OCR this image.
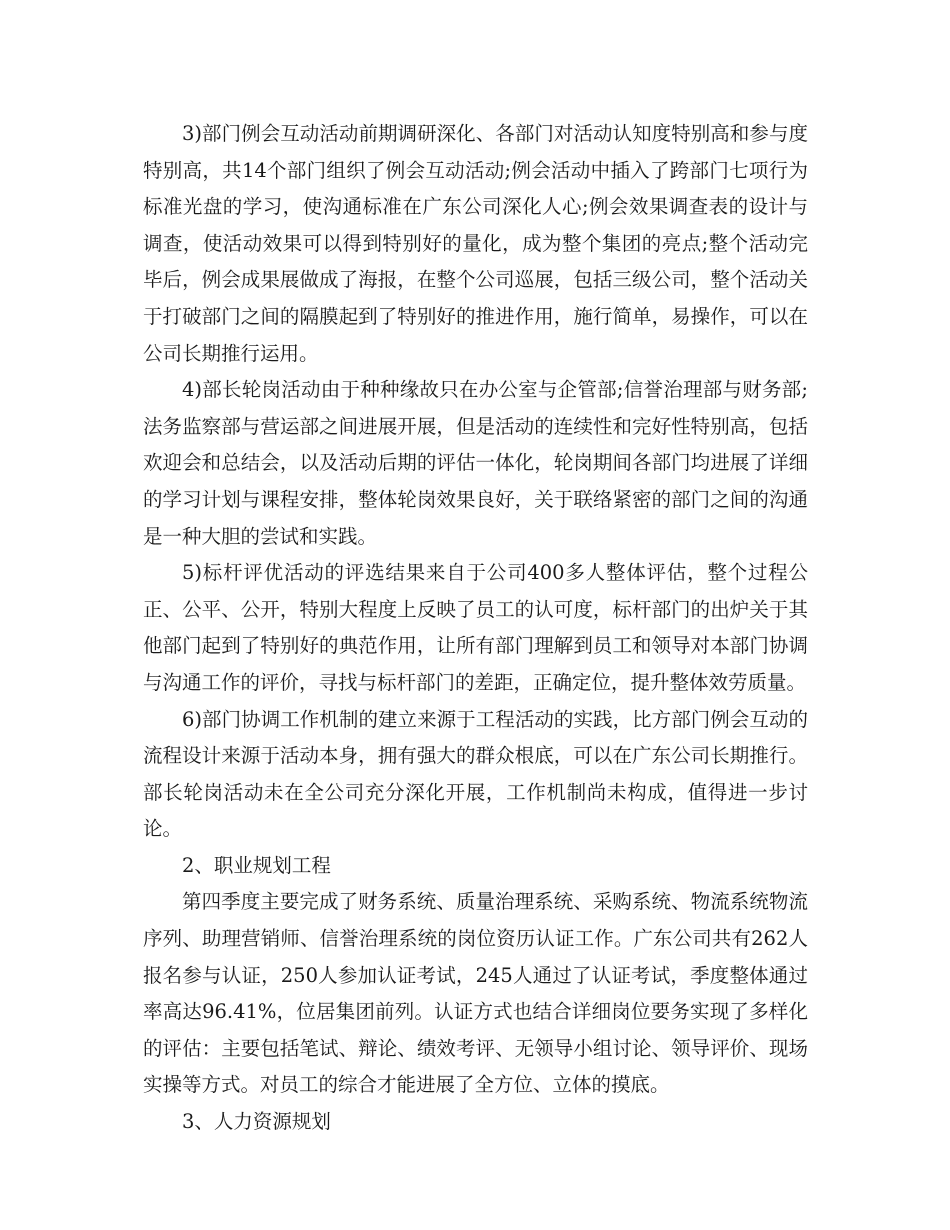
3)部门例会互动活动前期调研深化、各部门对活动认知度特别高和参与度特别高，共14个部门组织了例会互动活动;例会活动中插入了跨部门七项行为标准光盘的学习，使沟通标准在广东公司深化人心;例会效果调查表的设计与调查，使活动效果可以得到特别好的量化，成为整个集团的亮点;整个活动完毕后，例会成果展做成了海报，在整个公司巡展，包括三级公司，整个活动关于打破部门之间的隔膜起到了特别好的推进作用，施行简单，易操作，可以在公司长期推行运用。

4)部长轮岗活动由于种种缘故只在办公室与企管部;信誉治理部与财务部;法务监察部与营运部之间进展开展，但是活动的连续性和完好性特别高，包括欢迎会和总结会，以及活动后期的评估一体化，轮岗期间各部门均进展了详细的学习计划与课程安排，整体轮岗效果良好，关于联络紧密的部门之间的沟通是一种大胆的尝试和实践。

5)标杆评优活动的评选结果来自于公司400多人整体评估，整个过程公正、公平、公开，特别大程度上反映了员工的认可度，标杆部门的出炉关于其他部门起到了特别好的典范作用，让所有部门理解到员工和领导对本部门协调与沟通工作的评价，寻找与标杆部门的差距，正确定位，提升整体效劳质量。

6)部门协调工作机制的建立来源于工程活动的实践，比方部门例会互动的流程设计来源于活动本身，拥有强大的群众根底，可以在广东公司长期推行。部长轮岗活动未在全公司充分深化开展，工作机制尚未构成，值得进一步讨论。

2、职业规划工程

第四季度主要完成了财务系统、质量治理系统、采购系统、物流系统物流序列、助理营销师、信誉治理系统的岗位资历认证工作。广东公司共有262人报名参与认证，250人参加认证考试，245人通过了认证考试，季度整体通过率高达96.41%，位居集团前列。认证方式也结合详细岗位要务实现了多样化的评估：主要包括笔试、辩论、绩效考评、无领导小组讨论、领导评价、现场实操等方式。对员工的综合才能进展了全方位、立体的摸底。

3、人力资源规划
